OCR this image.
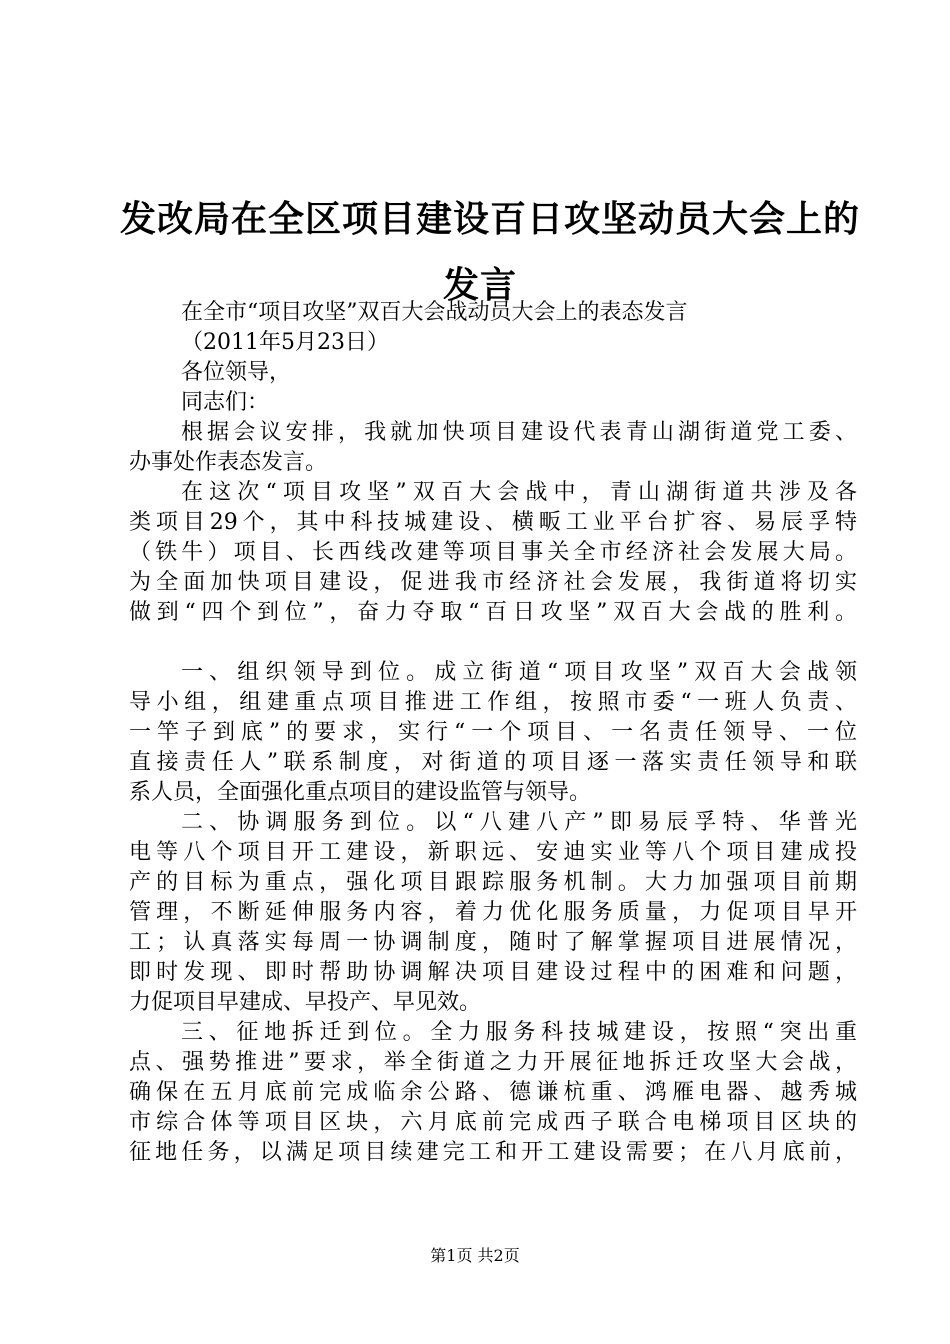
发改局在全区项目建设百日攻坚动员大会上的
发言
在全市“项目攻坚”双百大会战动员大会上的表态发言
（2011年5月23日）
各位领导，
同志们：
根据会议安排，我就加快项目建设代表青山湖街道党工委、
办事处作表态发言。
在这次“项目攻坚”双百大会战中，青山湖街道共涉及各
类项目29个，其中科技城建设、横畈工业平台扩容、易辰孚特
（铁牛）项目、长西线改建等项目事关全市经济社会发展大局。
为全面加快项目建设，促进我市经济社会发展，我街道将切实
做到“四个到位”，奋力夺取“百日攻坚”双百大会战的胜利。
一、组织领导到位。成立街道“项目攻坚”双百大会战领
导小组，组建重点项目推进工作组，按照市委“一班人负责、
一竿子到底”的要求，实行“一个项目、一名责任领导、一位
直接责任人”联系制度，对街道的项目逐一落实责任领导和联
系人员，全面强化重点项目的建设监管与领导。
二、协调服务到位。以“八建八产”即易辰孚特、华普光
电等八个项目开工建设，新职远、安迪实业等八个项目建成投
产的目标为重点，强化项目跟踪服务机制。大力加强项目前期
管理，不断延伸服务内容，着力优化服务质量，力促项目早开
工；认真落实每周一协调制度，随时了解掌握项目进展情况，
即时发现、即时帮助协调解决项目建设过程中的困难和问题，
力促项目早建成、早投产、早见效。
三、征地拆迁到位。全力服务科技城建设，按照“突出重
点、强势推进”要求，举全街道之力开展征地拆迁攻坚大会战，
确保在五月底前完成临余公路、德谦杭重、鸿雁电器、越秀城
市综合体等项目区块，六月底前完成西子联合电梯项目区块的
征地任务，以满足项目续建完工和开工建设需要；在八月底前，
第1页 共2页
